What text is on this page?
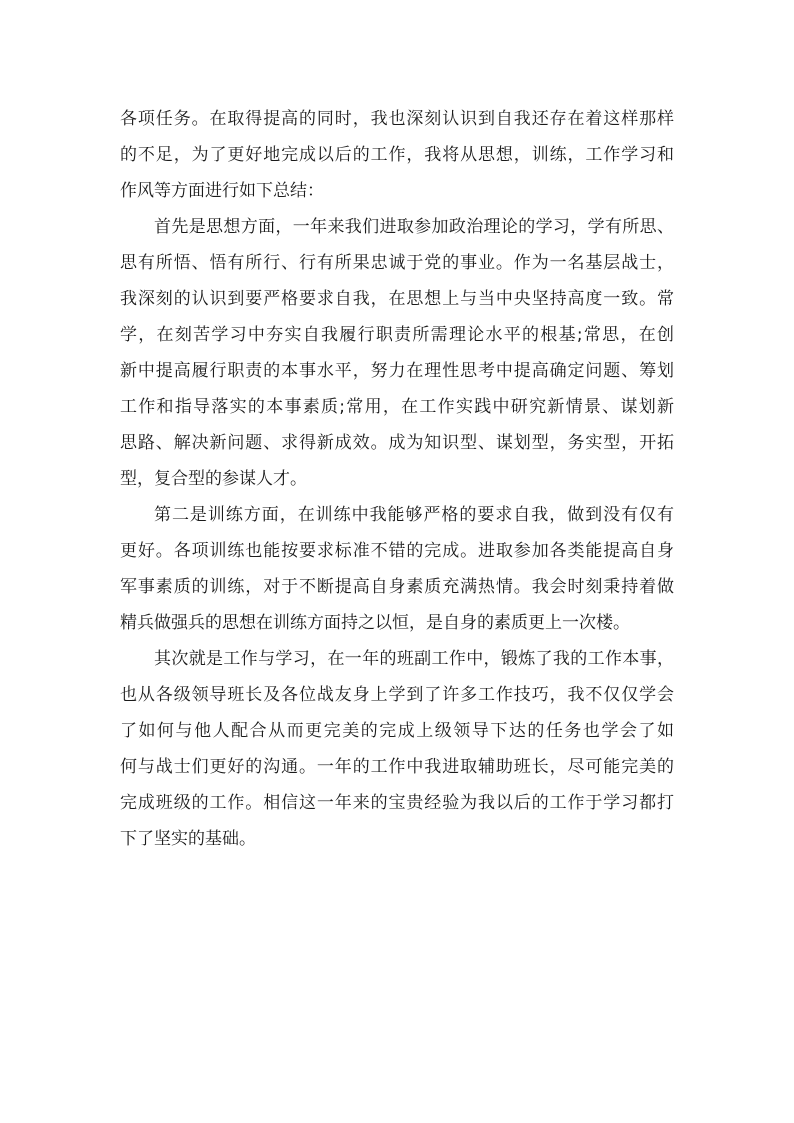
各项任务。在取得提高的同时，我也深刻认识到自我还存在着这样那样
的不足，为了更好地完成以后的工作，我将从思想，训练，工作学习和
作风等方面进行如下总结：

首先是思想方面，一年来我们进取参加政治理论的学习，学有所思、
思有所悟、悟有所行、行有所果忠诚于党的事业。作为一名基层战士，
我深刻的认识到要严格要求自我，在思想上与当中央坚持高度一致。常
学，在刻苦学习中夯实自我履行职责所需理论水平的根基;常思，在创
新中提高履行职责的本事水平，努力在理性思考中提高确定问题、筹划
工作和指导落实的本事素质;常用，在工作实践中研究新情景、谋划新
思路、解决新问题、求得新成效。成为知识型、谋划型，务实型，开拓
型，复合型的参谋人才。

第二是训练方面，在训练中我能够严格的要求自我，做到没有仅有
更好。各项训练也能按要求标准不错的完成。进取参加各类能提高自身
军事素质的训练，对于不断提高自身素质充满热情。我会时刻秉持着做
精兵做强兵的思想在训练方面持之以恒，是自身的素质更上一次楼。

其次就是工作与学习，在一年的班副工作中，锻炼了我的工作本事，
也从各级领导班长及各位战友身上学到了许多工作技巧，我不仅仅学会
了如何与他人配合从而更完美的完成上级领导下达的任务也学会了如
何与战士们更好的沟通。一年的工作中我进取辅助班长，尽可能完美的
完成班级的工作。相信这一年来的宝贵经验为我以后的工作于学习都打
下了坚实的基础。
